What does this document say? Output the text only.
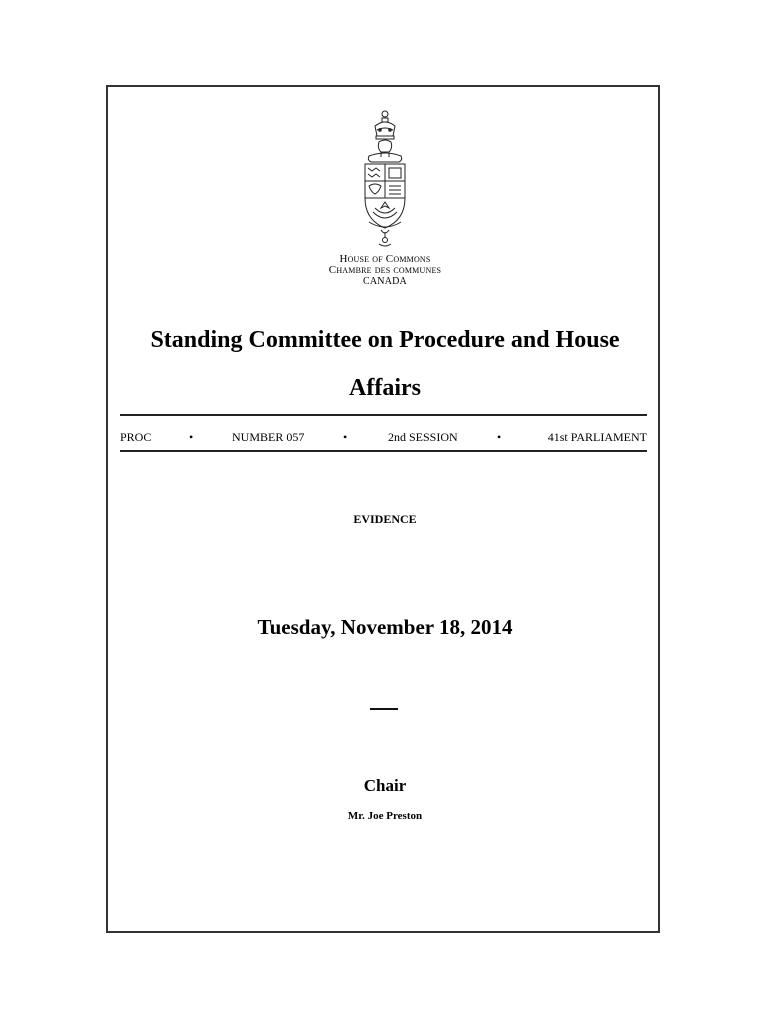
House of Commons
Chambre des communes
CANADA
Standing Committee on Procedure and House Affairs
PROC	•	NUMBER 057	•	2nd SESSION	•	41st PARLIAMENT
EVIDENCE
Tuesday, November 18, 2014
Chair
Mr. Joe Preston
